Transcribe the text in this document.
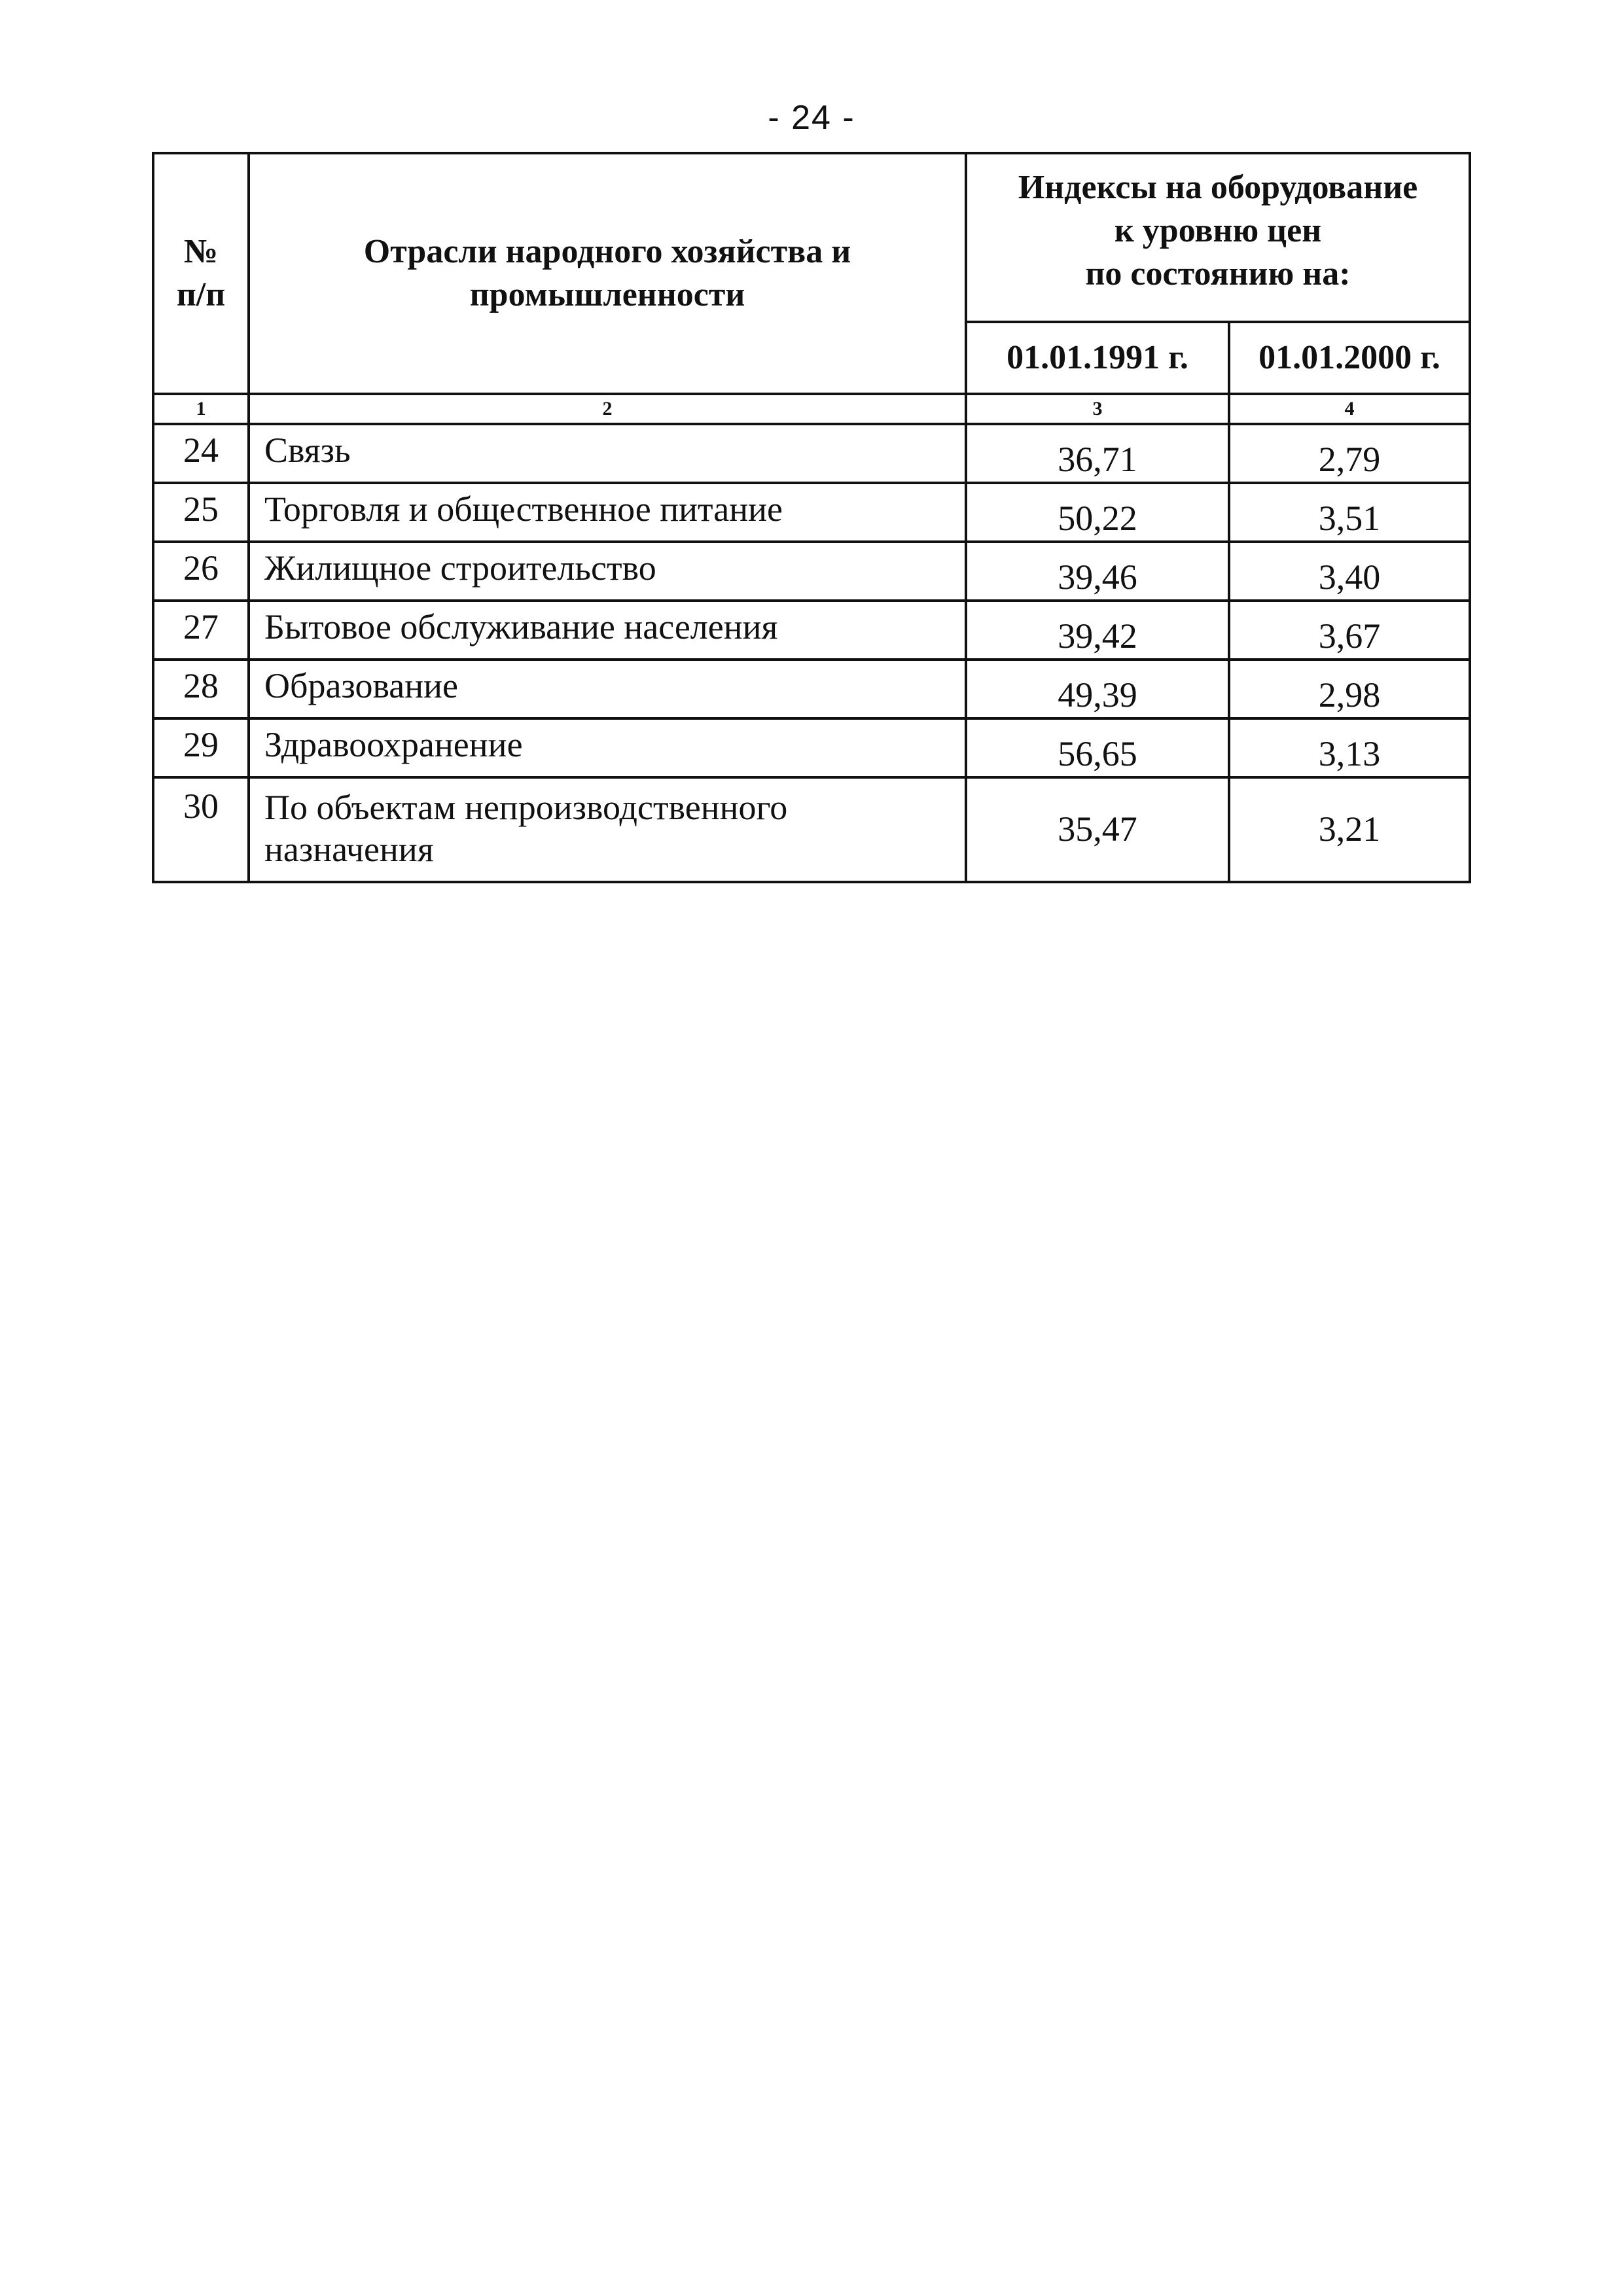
- 24 -
№
п/п	Отрасли народного хозяйства и промышленности	Индексы на оборудование
к уровню цен
по состоянию на:	
		01.01.1991 г.	01.01.2000 г.
1	2	3	4
24	Связь	36,71	2,79
25	Торговля и общественное питание	50,22	3,51
26	Жилищное строительство	39,46	3,40
27	Бытовое обслуживание населения	39,42	3,67
28	Образование	49,39	2,98
29	Здравоохранение	56,65	3,13
30	По объектам непроизводственного назначения	35,47	3,21
